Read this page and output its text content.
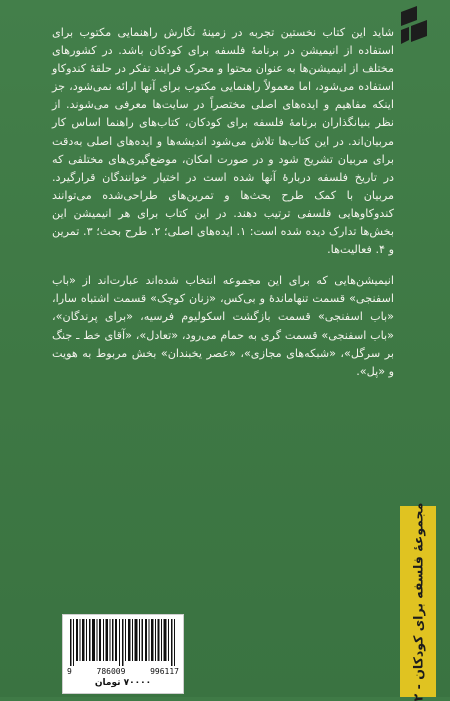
شاید این کتاب نخستین تجربه در زمینهٔ نگارش راهنمایی مکتوب برای استفاده از انیمیشن در برنامهٔ فلسفه برای کودکان باشد. در کشورهای مختلف از انیمیشن‌ها به عنوان محتوا و محرک فرایند تفکر در حلقهٔ کندوکاو استفاده می‌شود، اما معمولاً راهنمایی مکتوب برای آنها ارائه نمی‌شود، جز اینکه مفاهیم و ایده‌های اصلی مختصراً در سایت‌ها معرفی می‌شوند. از نظر بنیانگذاران برنامهٔ فلسفه برای کودکان، کتاب‌های راهنما اساس کار مربیان‌اند. در این کتاب‌ها تلاش می‌شود اندیشه‌ها و ایده‌های اصلی به‌دقت برای مربیان تشریح شود و در صورت امکان، موضع‌گیری‌های مختلفی که در تاریخ فلسفه دربارهٔ آنها شده است در اختیار خوانندگان قرارگیرد. مربیان با کمک طرح بحث‌ها و تمرین‌های طراحی‌شده می‌توانند کندوکاوهایی فلسفی ترتیب دهند. در این کتاب برای هر انیمیشن این بخش‌ها تدارک دیده شده است: ۱. ایده‌های اصلی؛ ۲. طرح بحث؛ ۳. تمرین و ۴. فعالیت‌ها.

انیمیشن‌هایی که برای این مجموعه انتخاب شده‌اند عبارت‌اند از «باب اسفنجی» قسمت تنهاماندهٔ و بی‌کس، «زنان کوچک» قسمت اشتباه سارا، «باب اسفنجی» قسمت بازگشت اسکولیوم فرسیه، «برای پرندگان»، «باب اسفنجی» قسمت گری به حمام می‌رود، «تعادل»، «آقای خط ـ جنگ بر سرگل»، «شبکه‌های مجازی»، «عصر یخبندان» بخش مربوط به هویت و «پل».

مجموعهٔ فلسفه برای کودکان - ۲
9	786009	996117
۷۰۰۰۰ تومان
